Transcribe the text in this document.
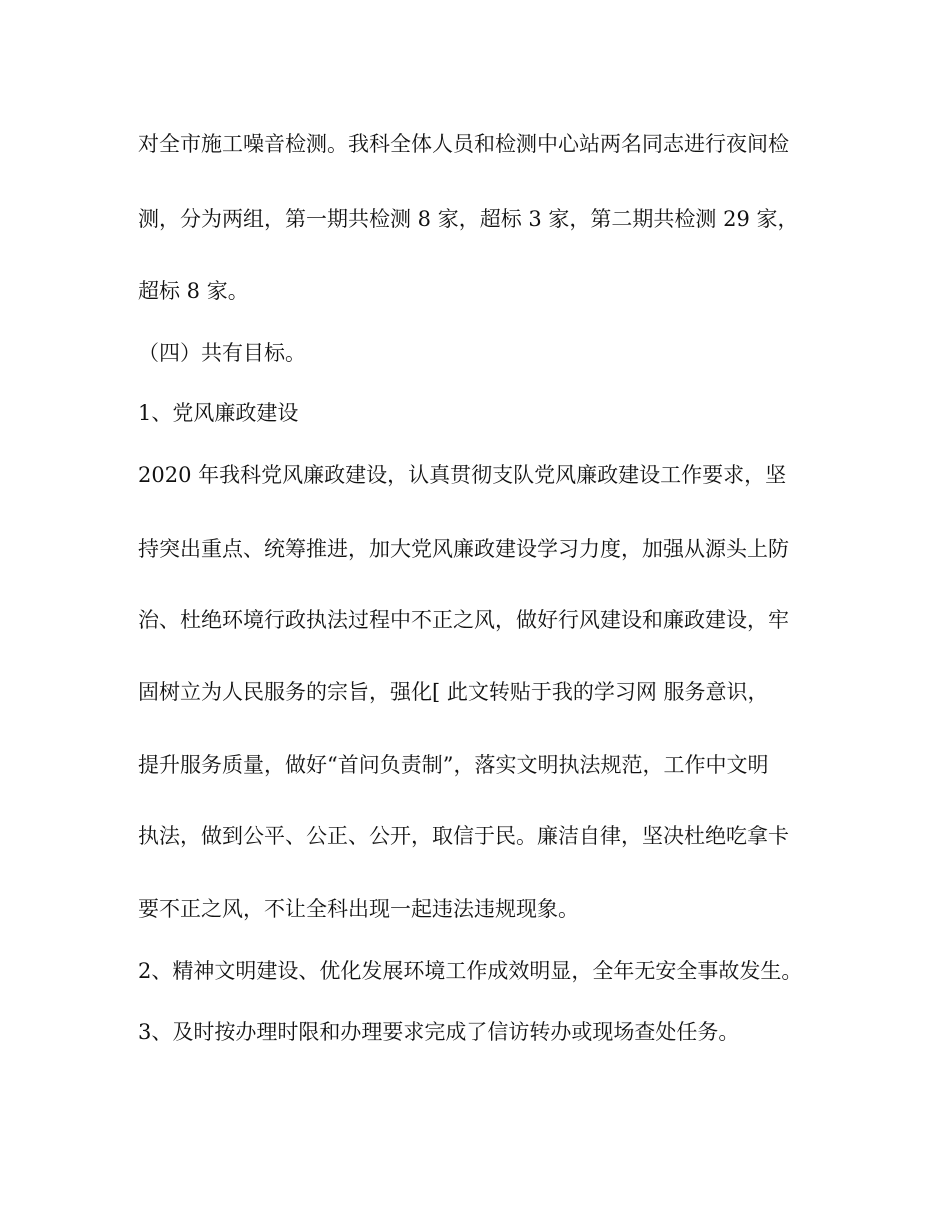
对全市施工噪音检测。我科全体人员和检测中心站两名同志进行夜间检
测，分为两组，第一期共检测 8 家，超标 3 家，第二期共检测 29 家，
超标 8 家。
（四）共有目标。
1、党风廉政建设
2020 年我科党风廉政建设，认真贯彻支队党风廉政建设工作要求，坚
持突出重点、统筹推进，加大党风廉政建设学习力度，加强从源头上防
治、杜绝环境行政执法过程中不正之风，做好行风建设和廉政建设，牢
固树立为人民服务的宗旨，强化[ 此文转贴于我的学习网 服务意识，
提升服务质量，做好“首问负责制”，落实文明执法规范，工作中文明
执法，做到公平、公正、公开，取信于民。廉洁自律，坚决杜绝吃拿卡
要不正之风，不让全科出现一起违法违规现象。
2、精神文明建设、优化发展环境工作成效明显，全年无安全事故发生。
3、及时按办理时限和办理要求完成了信访转办或现场查处任务。
